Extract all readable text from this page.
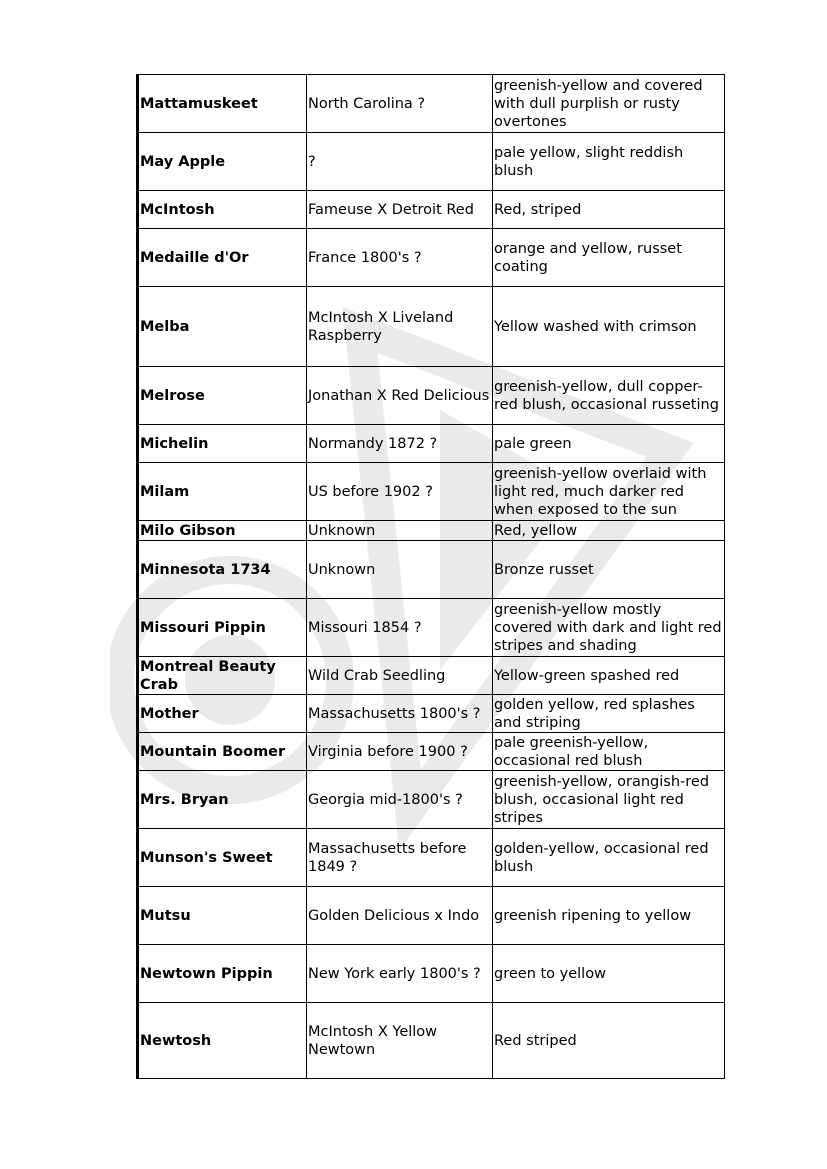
Mattamuskeet	North Carolina ?	greenish-yellow and covered with dull purplish or rusty overtones
May Apple	?	pale yellow, slight reddish blush
McIntosh	Fameuse X Detroit Red	Red, striped
Medaille d'Or	France 1800's ?	orange and yellow, russet coating
Melba	McIntosh X Liveland Raspberry	Yellow washed with crimson
Melrose	Jonathan X Red Delicious	greenish-yellow, dull copper-red blush, occasional russeting
Michelin	Normandy 1872 ?	pale green
Milam	US before 1902 ?	greenish-yellow overlaid with light red, much darker red when exposed to the sun
Milo Gibson	Unknown	Red, yellow
Minnesota 1734	Unknown	Bronze russet
Missouri Pippin	Missouri 1854 ?	greenish-yellow mostly covered with dark and light red stripes and shading
Montreal Beauty Crab	Wild Crab Seedling	Yellow-green spashed red
Mother	Massachusetts 1800's ?	golden yellow, red splashes and striping
Mountain Boomer	Virginia before 1900 ?	pale greenish-yellow, occasional red blush
Mrs. Bryan	Georgia mid-1800's ?	greenish-yellow, orangish-red blush, occasional light red stripes
Munson's Sweet	Massachusetts before 1849 ?	golden-yellow, occasional red blush
Mutsu	Golden Delicious x Indo	greenish ripening to yellow
Newtown Pippin	New York early 1800's ?	green to yellow
Newtosh	McIntosh X Yellow Newtown	Red striped
